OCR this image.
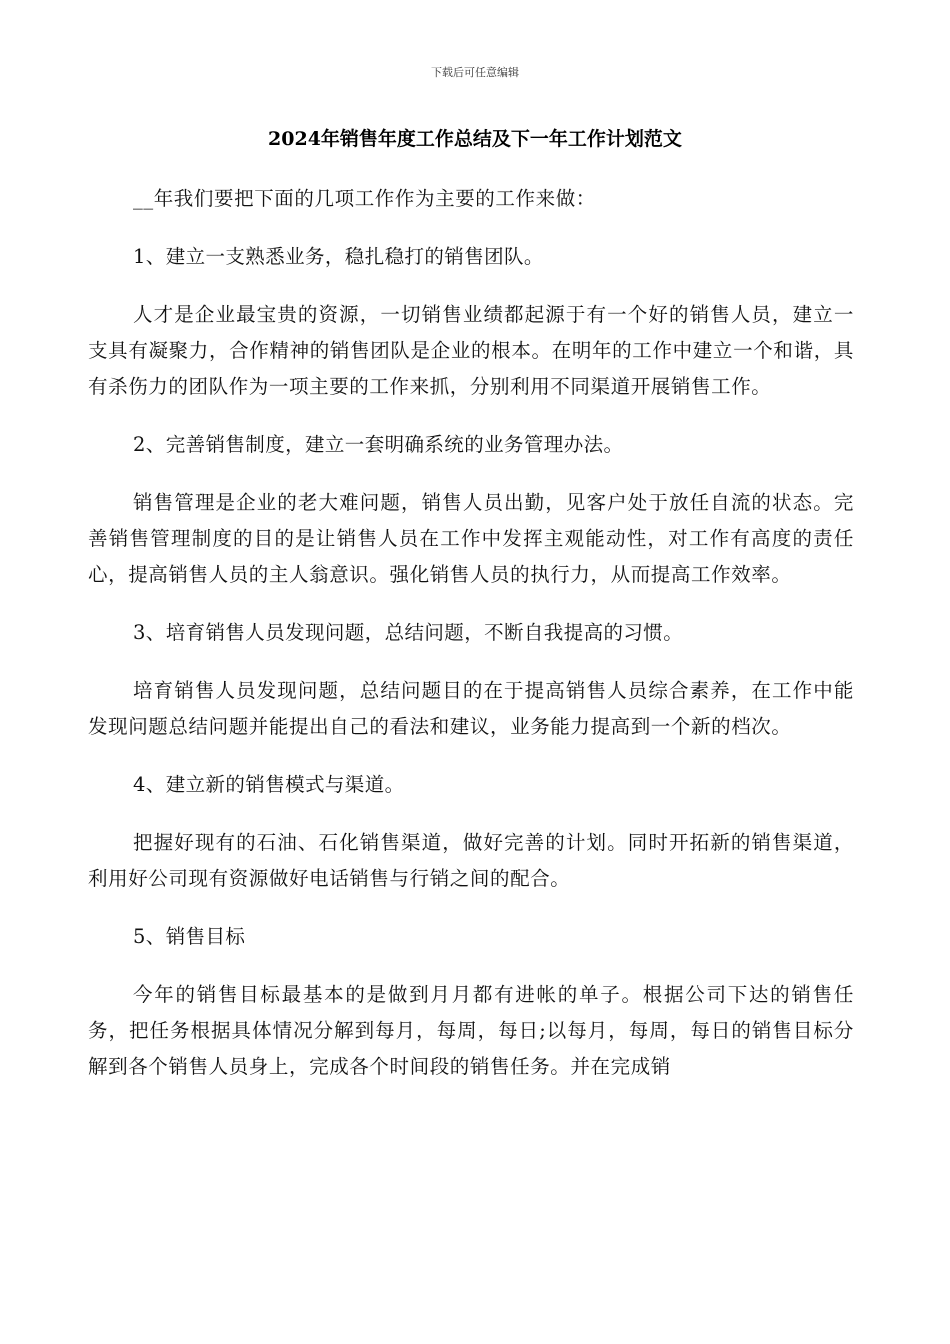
下载后可任意编辑
2024年销售年度工作总结及下一年工作计划范文

__年我们要把下面的几项工作作为主要的工作来做：

1、建立一支熟悉业务，稳扎稳打的销售团队。

人才是企业最宝贵的资源，一切销售业绩都起源于有一个好的销售人员，建立一支具有凝聚力，合作精神的销售团队是企业的根本。在明年的工作中建立一个和谐，具有杀伤力的团队作为一项主要的工作来抓，分别利用不同渠道开展销售工作。

2、完善销售制度，建立一套明确系统的业务管理办法。

销售管理是企业的老大难问题，销售人员出勤，见客户处于放任自流的状态。完善销售管理制度的目的是让销售人员在工作中发挥主观能动性，对工作有高度的责任心，提高销售人员的主人翁意识。强化销售人员的执行力，从而提高工作效率。

3、培育销售人员发现问题，总结问题，不断自我提高的习惯。

培育销售人员发现问题，总结问题目的在于提高销售人员综合素养，在工作中能发现问题总结问题并能提出自己的看法和建议，业务能力提高到一个新的档次。

4、建立新的销售模式与渠道。

把握好现有的石油、石化销售渠道，做好完善的计划。同时开拓新的销售渠道，利用好公司现有资源做好电话销售与行销之间的配合。

5、销售目标

今年的销售目标最基本的是做到月月都有进帐的单子。根据公司下达的销售任务，把任务根据具体情况分解到每月，每周，每日;以每月，每周，每日的销售目标分解到各个销售人员身上，完成各个时间段的销售任务。并在完成销
